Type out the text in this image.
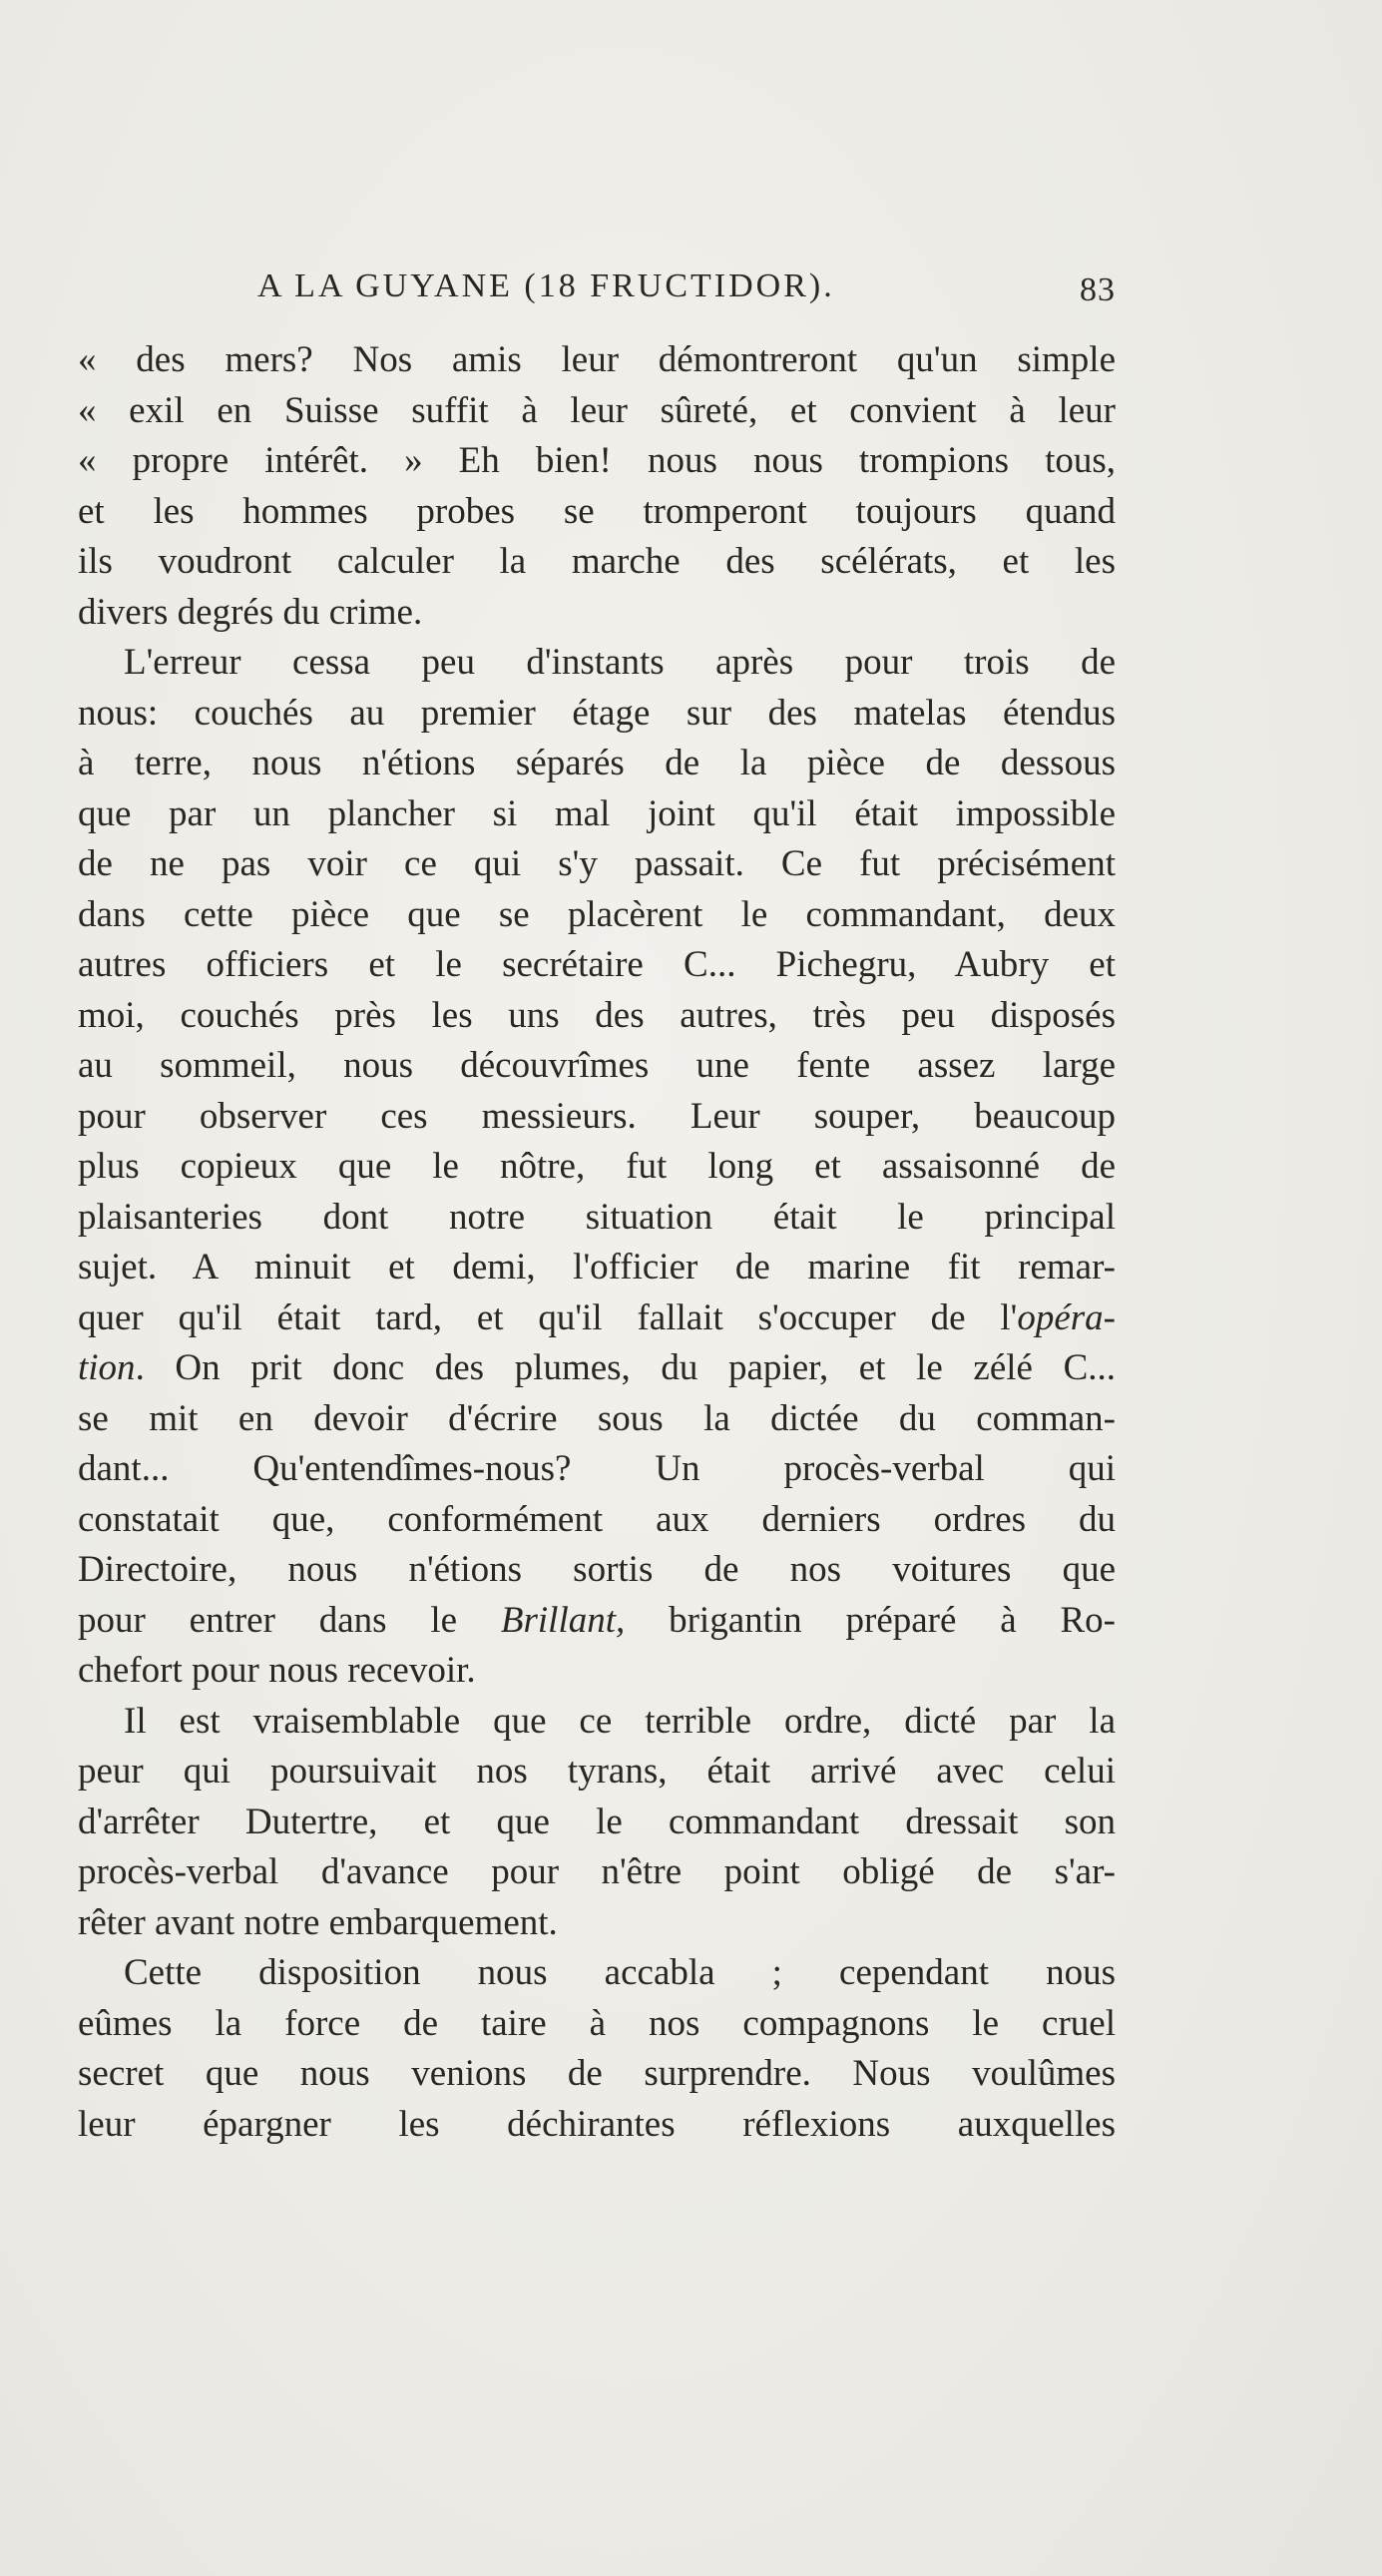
A LA GUYANE (18 FRUCTIDOR).	83
« des mers? Nos amis leur démontreront qu'un simple
« exil en Suisse suffit à leur sûreté, et convient à leur
« propre intérêt. » Eh bien! nous nous trompions tous,
et les hommes probes se tromperont toujours quand
ils voudront calculer la marche des scélérats, et les
divers degrés du crime.
L'erreur cessa peu d'instants après pour trois de
nous: couchés au premier étage sur des matelas étendus
à terre, nous n'étions séparés de la pièce de dessous
que par un plancher si mal joint qu'il était impossible
de ne pas voir ce qui s'y passait. Ce fut précisément
dans cette pièce que se placèrent le commandant, deux
autres officiers et le secrétaire C... Pichegru, Aubry et
moi, couchés près les uns des autres, très peu disposés
au sommeil, nous découvrîmes une fente assez large
pour observer ces messieurs. Leur souper, beaucoup
plus copieux que le nôtre, fut long et assaisonné de
plaisanteries dont notre situation était le principal
sujet. A minuit et demi, l'officier de marine fit remar-
quer qu'il était tard, et qu'il fallait s'occuper de l'opéra-
tion. On prit donc des plumes, du papier, et le zélé C...
se mit en devoir d'écrire sous la dictée du comman-
dant... Qu'entendîmes-nous? Un procès-verbal qui
constatait que, conformément aux derniers ordres du
Directoire, nous n'étions sortis de nos voitures que
pour entrer dans le Brillant, brigantin préparé à Ro-
chefort pour nous recevoir.
Il est vraisemblable que ce terrible ordre, dicté par la
peur qui poursuivait nos tyrans, était arrivé avec celui
d'arrêter Dutertre, et que le commandant dressait son
procès-verbal d'avance pour n'être point obligé de s'ar-
rêter avant notre embarquement.
Cette disposition nous accabla ; cependant nous
eûmes la force de taire à nos compagnons le cruel
secret que nous venions de surprendre. Nous voulûmes
leur épargner les déchirantes réflexions auxquelles
